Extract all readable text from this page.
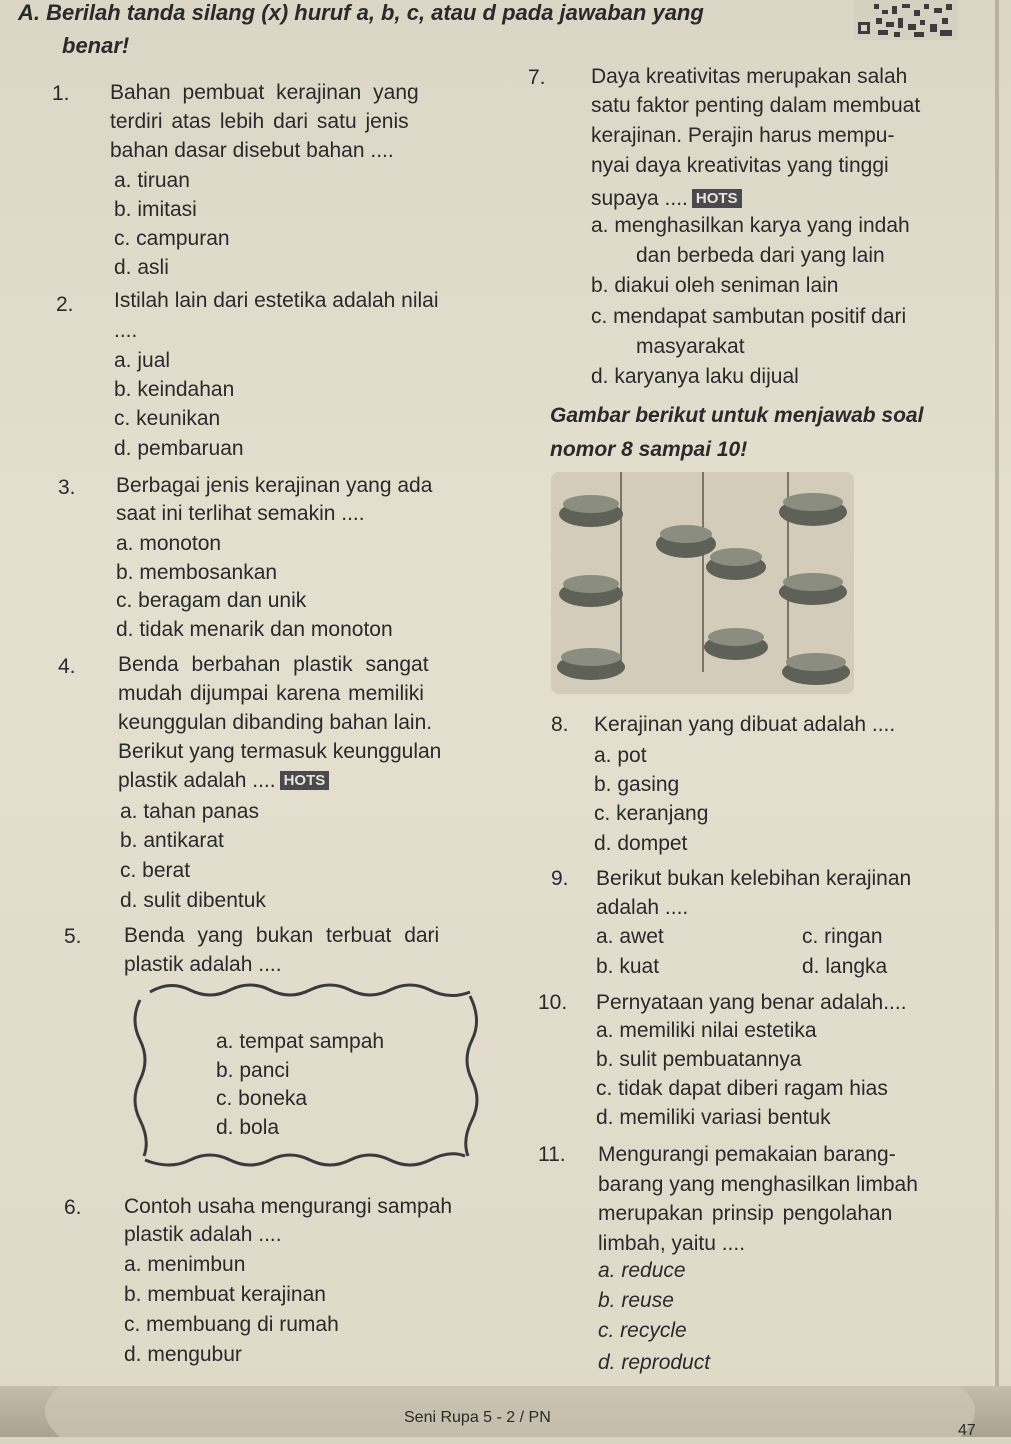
A. Berilah tanda silang (x) huruf a, b, c, atau d pada jawaban yang
benar!
1. Bahan pembuat kerajinan yang
terdiri atas lebih dari satu jenis
bahan dasar disebut bahan ....
a. tiruan
b. imitasi
c. campuran
d. asli
2. Istilah lain dari estetika adalah nilai
....
a. jual
b. keindahan
c. keunikan
d. pembaruan
3. Berbagai jenis kerajinan yang ada
saat ini terlihat semakin ....
a. monoton
b. membosankan
c. beragam dan unik
d. tidak menarik dan monoton
4. Benda berbahan plastik sangat
mudah dijumpai karena memiliki
keunggulan dibanding bahan lain.
Berikut yang termasuk keunggulan
plastik adalah .... HOTS
a. tahan panas
b. antikarat
c. berat
d. sulit dibentuk
5. Benda yang bukan terbuat dari
plastik adalah ....
a. tempat sampah
b. panci
c. boneka
d. bola
6. Contoh usaha mengurangi sampah
plastik adalah ....
a. menimbun
b. membuat kerajinan
c. membuang di rumah
d. mengubur
7. Daya kreativitas merupakan salah
satu faktor penting dalam membuat
kerajinan. Perajin harus mempu-
nyai daya kreativitas yang tinggi
supaya .... HOTS
a. menghasilkan karya yang indah
dan berbeda dari yang lain
b. diakui oleh seniman lain
c. mendapat sambutan positif dari
masyarakat
d. karyanya laku dijual
Gambar berikut untuk menjawab soal
nomor 8 sampai 10!
8. Kerajinan yang dibuat adalah ....
a. pot
b. gasing
c. keranjang
d. dompet
9. Berikut bukan kelebihan kerajinan
adalah ....
a. awet	c. ringan
b. kuat	d. langka
10. Pernyataan yang benar adalah....
a. memiliki nilai estetika
b. sulit pembuatannya
c. tidak dapat diberi ragam hias
d. memiliki variasi bentuk
11. Mengurangi pemakaian barang-
barang yang menghasilkan limbah
merupakan prinsip pengolahan
limbah, yaitu ....
a. reduce
b. reuse
c. recycle
d. reproduct
Seni Rupa 5 - 2 / PN
47
